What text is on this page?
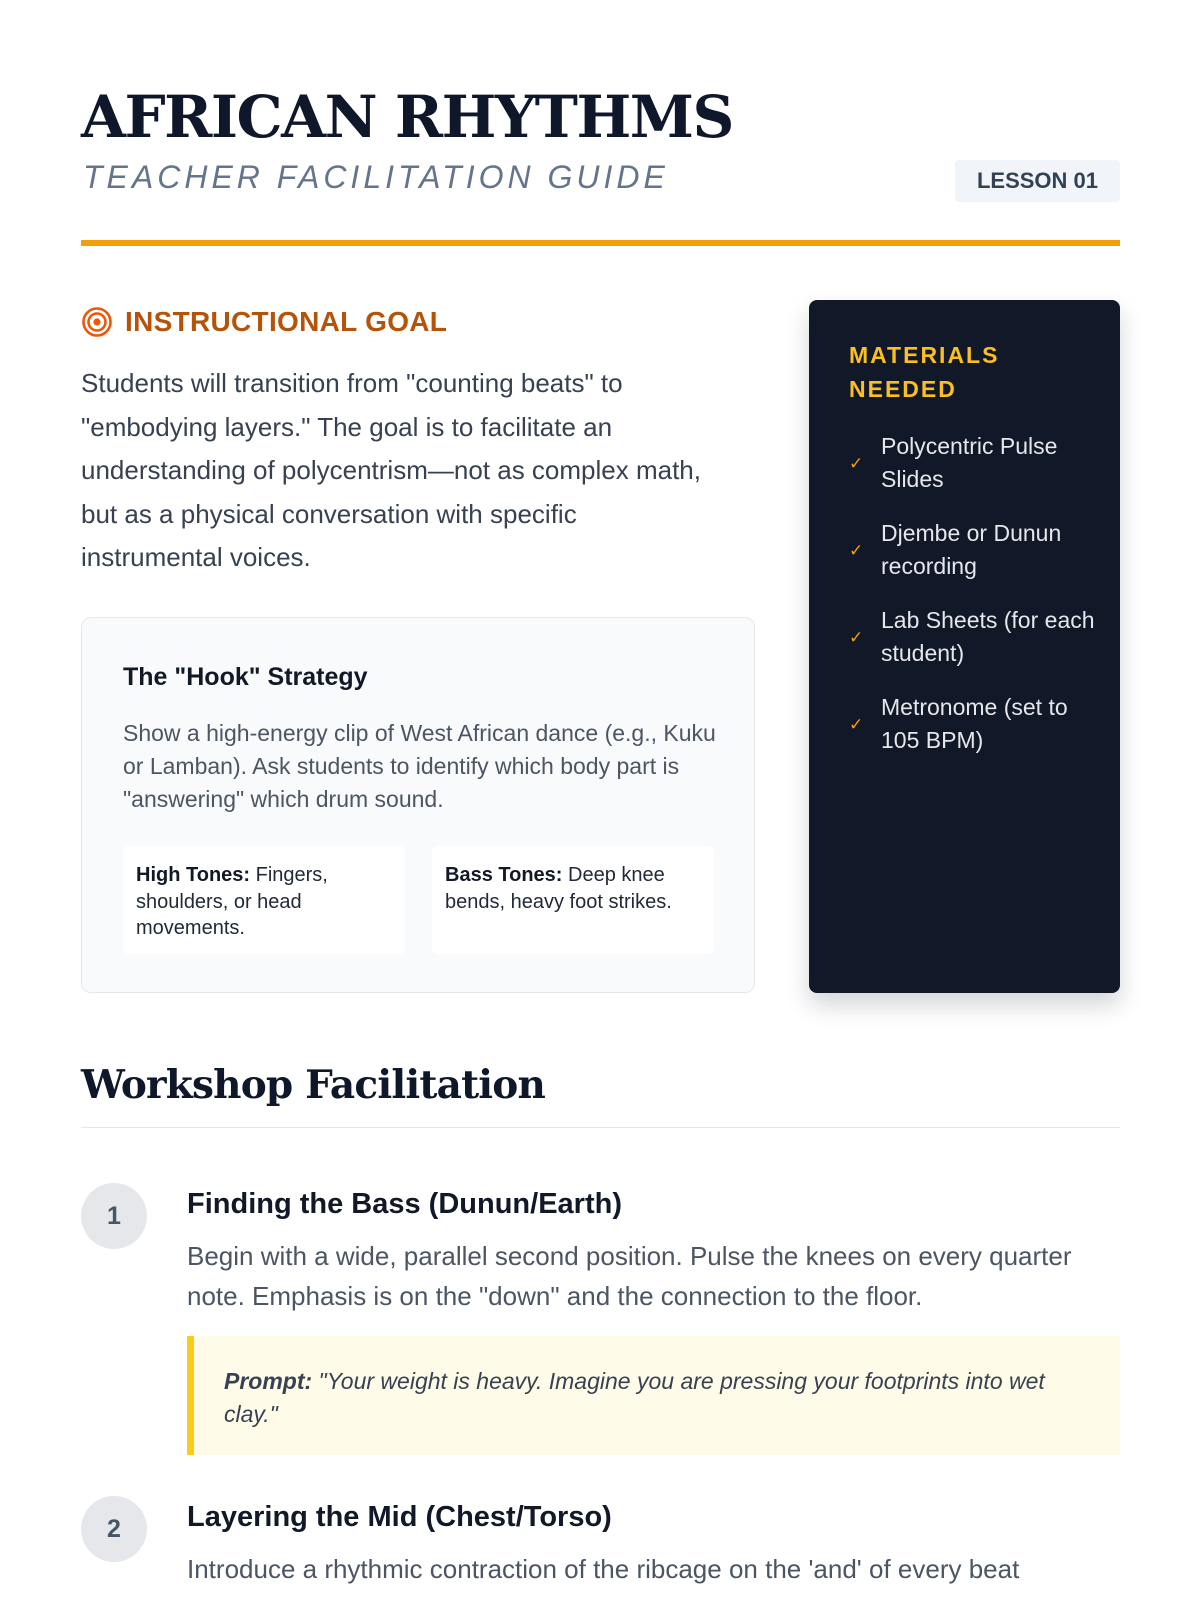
AFRICAN RHYTHMS
TEACHER FACILITATION GUIDE	LESSON 01
INSTRUCTIONAL GOAL

Students will transition from "counting beats" to "embodying layers." The goal is to facilitate an understanding of polycentrism—not as complex math, but as a physical conversation with specific instrumental voices.

The "Hook" Strategy

Show a high-energy clip of West African dance (e.g., Kuku or Lamban). Ask students to identify which body part is "answering" which drum sound.

High Tones: Fingers, shoulders, or head movements.
Bass Tones: Deep knee bends, heavy foot strikes.
MATERIALS NEEDED
✓
Polycentric Pulse Slides
✓
Djembe or Dunun recording
✓
Lab Sheets (for each student)
✓
Metronome (set to 105 BPM)
Workshop Facilitation
1	Finding the Bass (Dunun/Earth)

Begin with a wide, parallel second position. Pulse the knees on every quarter note. Emphasis is on the "down" and the connection to the floor.

Prompt: "Your weight is heavy. Imagine you are pressing your footprints into wet clay."
2	Layering the Mid (Chest/Torso)

Introduce a rhythmic contraction of the ribcage on the 'and' of every beat
